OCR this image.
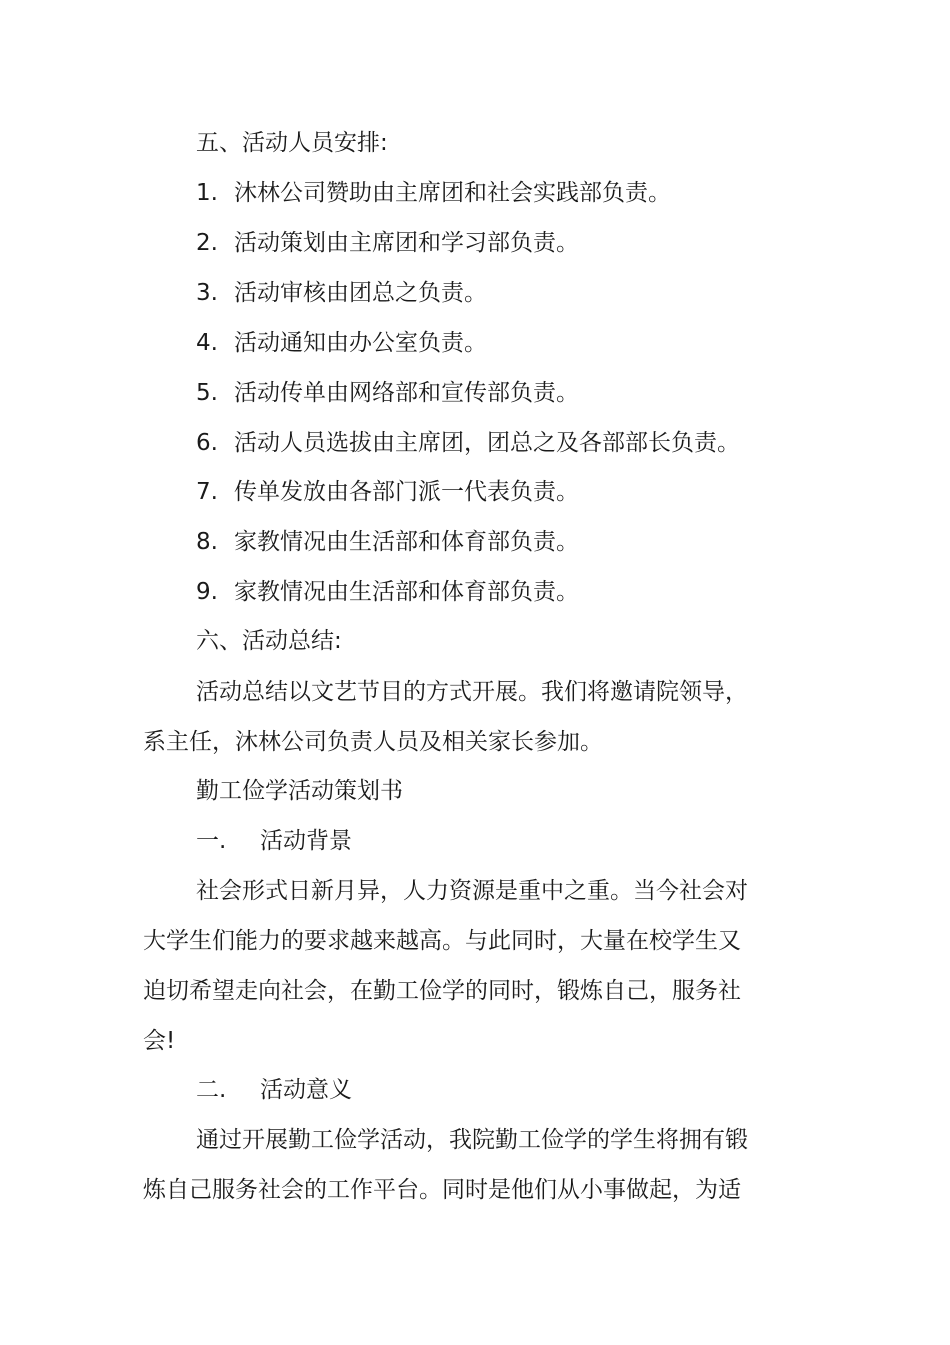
五、活动人员安排:
1. 沐林公司赞助由主席团和社会实践部负责。
2. 活动策划由主席团和学习部负责。
3. 活动审核由团总之负责。
4. 活动通知由办公室负责。
5. 活动传单由网络部和宣传部负责。
6. 活动人员选拔由主席团，团总之及各部部长负责。
7. 传单发放由各部门派一代表负责。
8. 家教情况由生活部和体育部负责。
9. 家教情况由生活部和体育部负责。
六、活动总结:
活动总结以文艺节目的方式开展。我们将邀请院领导，
系主任，沐林公司负责人员及相关家长参加。
勤工俭学活动策划书
一. 活动背景
社会形式日新月异，人力资源是重中之重。当今社会对
大学生们能力的要求越来越高。与此同时，大量在校学生又
迫切希望走向社会，在勤工俭学的同时，锻炼自己，服务社
会!
二. 活动意义
通过开展勤工俭学活动，我院勤工俭学的学生将拥有锻
炼自己服务社会的工作平台。同时是他们从小事做起，为适
